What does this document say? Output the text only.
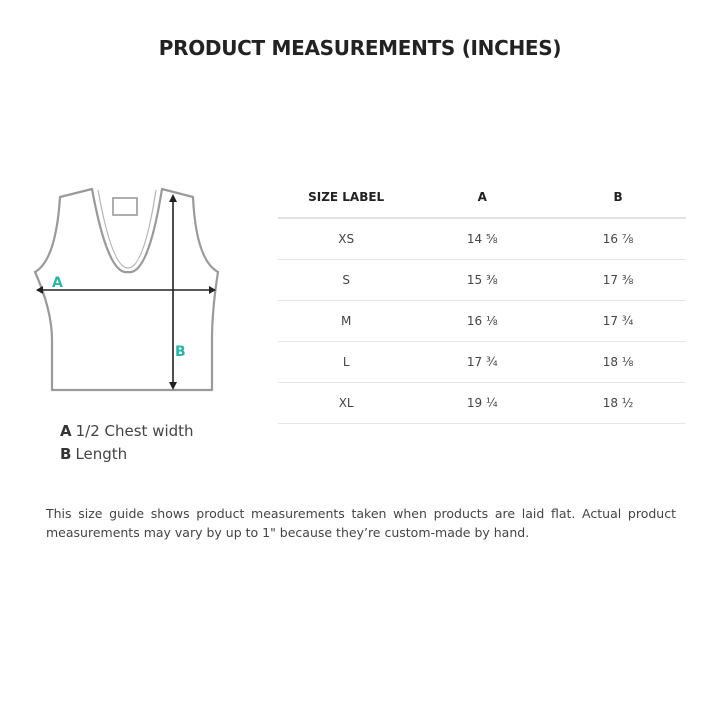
PRODUCT MEASUREMENTS (INCHES)
A
B
A 1/2 Chest width
B Length
SIZE LABEL	A	B
XS	14 ⅝	16 ⅞
S	15 ⅜	17 ⅜
M	16 ⅛	17 ¾
L	17 ¾	18 ⅛
XL	19 ¼	18 ½
This size guide shows product measurements taken when products are laid flat. Actual product measurements may vary by up to 1" because they’re custom-made by hand.
